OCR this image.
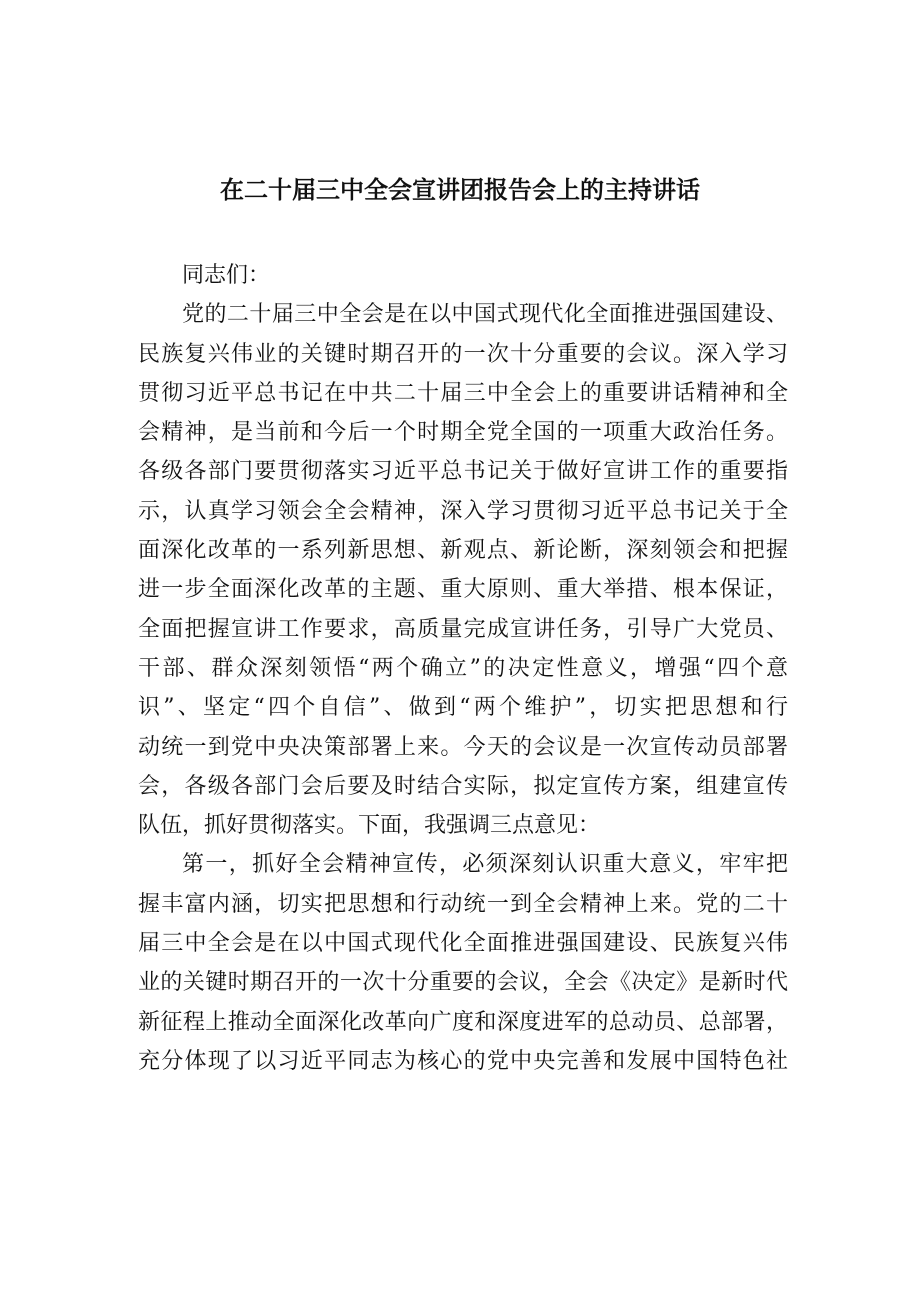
在二十届三中全会宣讲团报告会上的主持讲话
同志们：
党的二十届三中全会是在以中国式现代化全面推进强国建设、
民族复兴伟业的关键时期召开的一次十分重要的会议。深入学习
贯彻习近平总书记在中共二十届三中全会上的重要讲话精神和全
会精神，是当前和今后一个时期全党全国的一项重大政治任务。
各级各部门要贯彻落实习近平总书记关于做好宣讲工作的重要指
示，认真学习领会全会精神，深入学习贯彻习近平总书记关于全
面深化改革的一系列新思想、新观点、新论断，深刻领会和把握
进一步全面深化改革的主题、重大原则、重大举措、根本保证，
全面把握宣讲工作要求，高质量完成宣讲任务，引导广大党员、
干部、群众深刻领悟“两个确立”的决定性意义，增强“四个意
识”、坚定“四个自信”、做到“两个维护”，切实把思想和行
动统一到党中央决策部署上来。今天的会议是一次宣传动员部署
会，各级各部门会后要及时结合实际，拟定宣传方案，组建宣传
队伍，抓好贯彻落实。下面，我强调三点意见：
第一，抓好全会精神宣传，必须深刻认识重大意义，牢牢把
握丰富内涵，切实把思想和行动统一到全会精神上来。党的二十
届三中全会是在以中国式现代化全面推进强国建设、民族复兴伟
业的关键时期召开的一次十分重要的会议，全会《决定》是新时代
新征程上推动全面深化改革向广度和深度进军的总动员、总部署，
充分体现了以习近平同志为核心的党中央完善和发展中国特色社
